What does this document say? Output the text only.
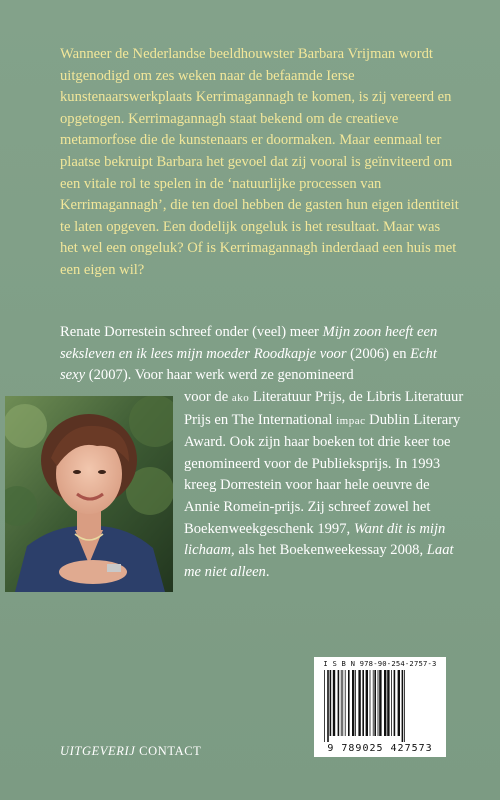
Wanneer de Nederlandse beeldhouwster Barbara Vrijman wordt uitgenodigd om zes weken naar de befaamde Ierse kunstenaarswerkplaats Kerrimagannagh te komen, is zij vereerd en opgetogen. Kerrimagannagh staat bekend om de creatieve metamorfose die de kunstenaars er doormaken. Maar eenmaal ter plaatse bekruipt Barbara het gevoel dat zij vooral is geïnviteerd om een vitale rol te spelen in de ‘natuurlijke processen van Kerrimagannagh’, die ten doel hebben de gasten hun eigen identiteit te laten opgeven. Een dodelijk ongeluk is het resultaat. Maar was het wel een ongeluk? Of is Kerrimagannagh inderdaad een huis met een eigen wil?

Renate Dorrestein schreef onder (veel) meer Mijn zoon heeft een seksleven en ik lees mijn moeder Roodkapje voor (2006) en Echt sexy (2007). Voor haar werk werd ze genomineerd

voor de ako Literatuur Prijs, de Libris Literatuur Prijs en The International impac Dublin Literary Award. Ook zijn haar boeken tot drie keer toe genomineerd voor de Publieksprijs. In 1993 kreeg Dorrestein voor haar hele oeuvre de Annie Romein-prijs. Zij schreef zowel het Boekenweekgeschenk 1997, Want dit is mijn lichaam, als het Boekenweekessay 2008, Laat me niet alleen.

UITGEVERIJ CONTACT
I S B N 978-90-254-2757-3
9 789025 427573
